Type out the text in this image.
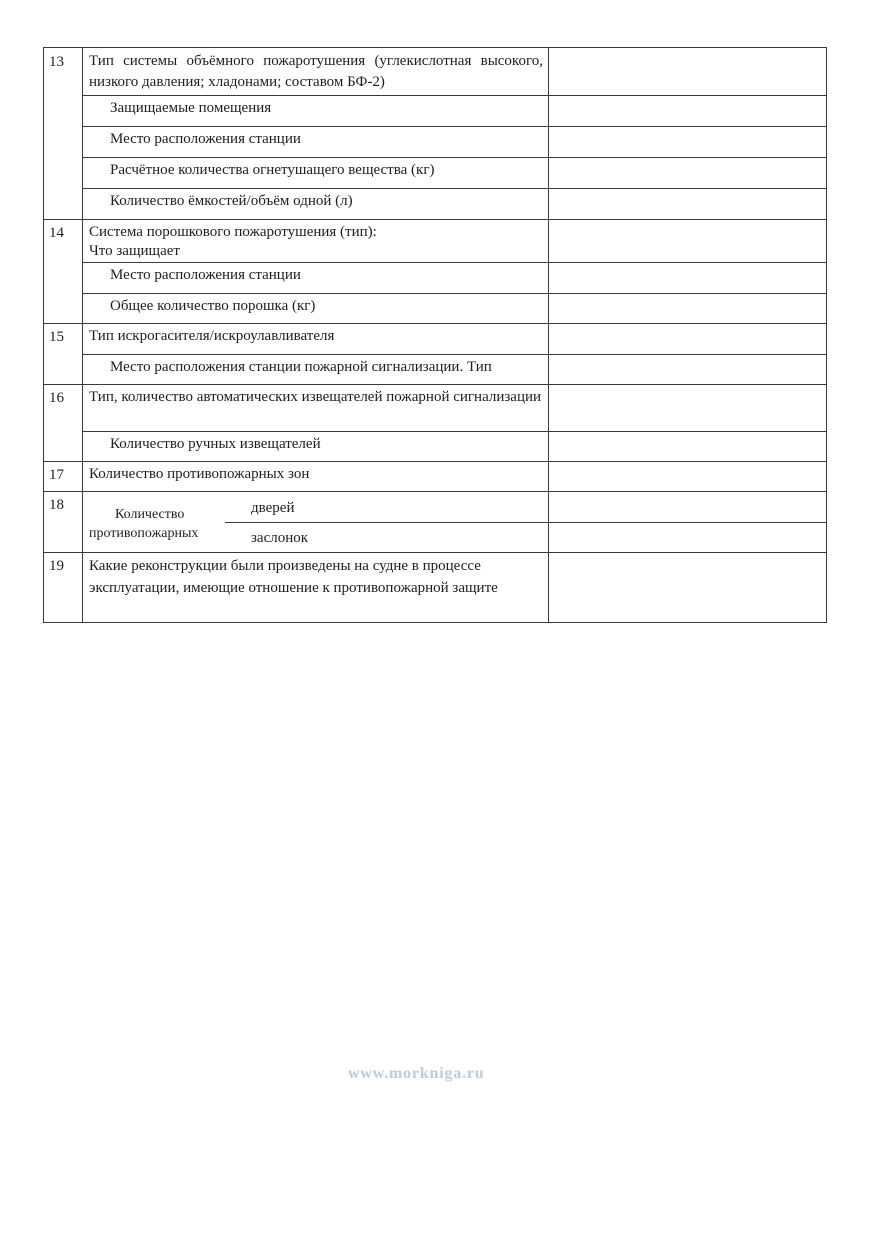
13 Тип системы объёмного пожаротушения (углекислотная высокого, низкого давления; хладонами; составом БФ-2)
Защищаемые помещения
Место расположения станции
Расчётное количества огнетушащего вещества (кг)
Количество ёмкостей/объём одной (л)
14 Система порошкового пожаротушения (тип):
Что защищает
Место расположения станции
Общее количество порошка (кг)
15 Тип искрогасителя/искроулавливателя
Место расположения станции пожарной сигнализации. Тип
16 Тип, количество автоматических извещателей пожарной сигнализации
Количество ручных извещателей
17 Количество противопожарных зон
18
Количество
противопожарных
дверей
заслонок
19 Какие реконструкции были произведены на судне в процессе эксплуатации, имеющие отношение к противопожарной защите
www.morkniga.ru
